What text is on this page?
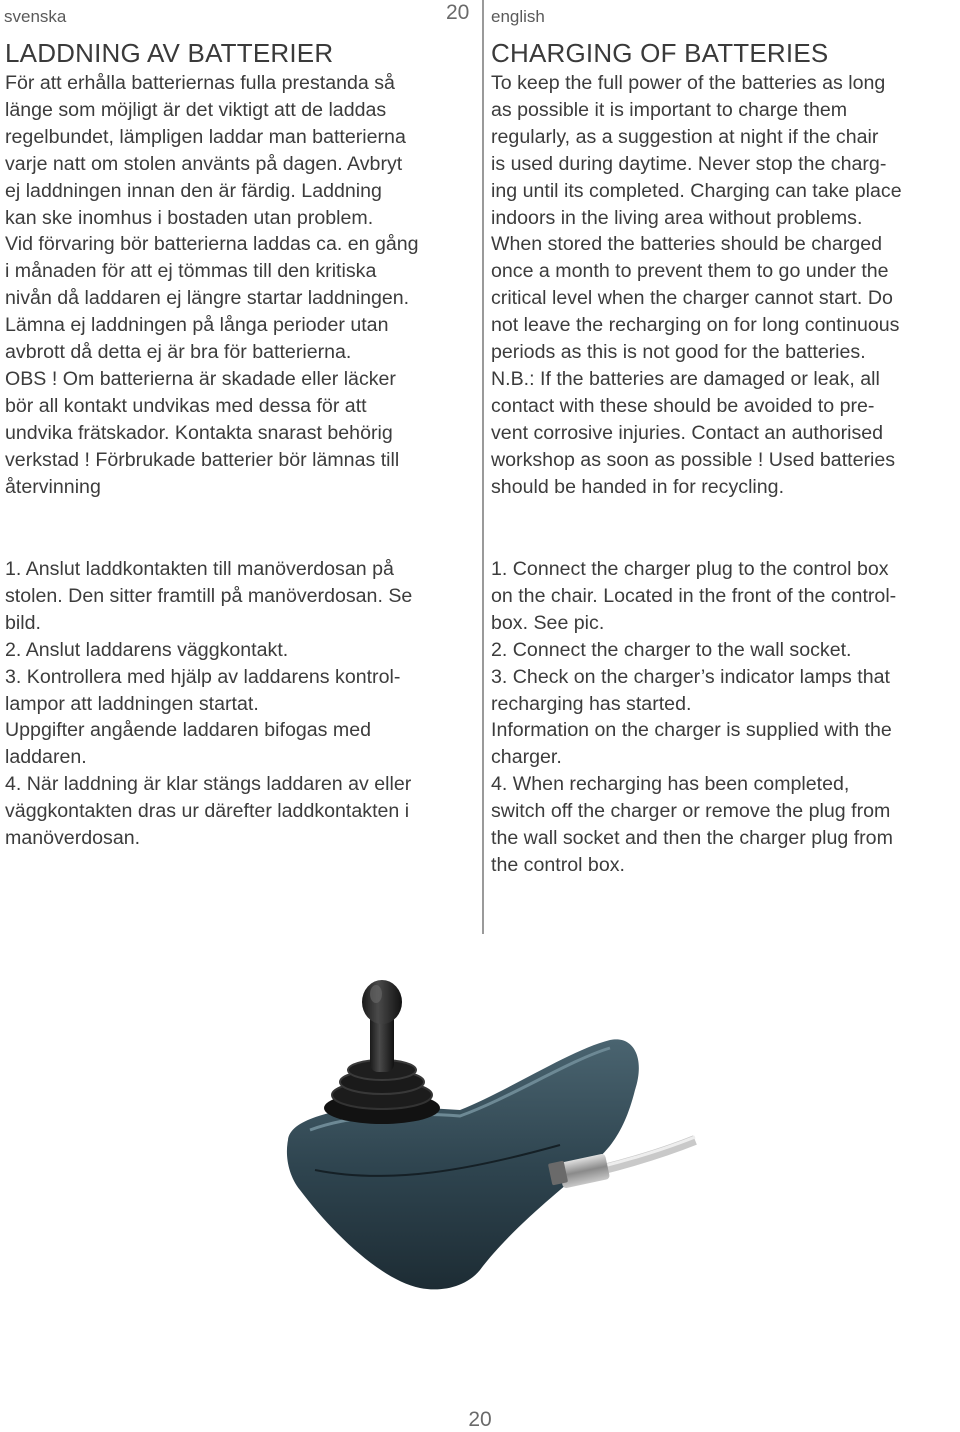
svenska	20 english
LADDNING AV BATTERIER

För att erhålla batteriernas fulla prestanda så
länge som möjligt är det viktigt att de laddas
regelbundet, lämpligen laddar man batterierna
varje natt om stolen använts på dagen. Avbryt
ej laddningen innan den är färdig. Laddning
kan ske inomhus i bostaden utan problem.
Vid förvaring bör batterierna laddas ca. en gång
i månaden för att ej tömmas till den kritiska
nivån då laddaren ej längre startar laddningen.
Lämna ej laddningen på långa perioder utan
avbrott då detta ej är bra för batterierna.
OBS ! Om batterierna är skadade eller läcker
bör all kontakt undvikas med dessa för att
undvika frätskador. Kontakta snarast behörig
verkstad ! Förbrukade batterier bör lämnas till
återvinning

1. Anslut laddkontakten till manöverdosan på
stolen. Den sitter framtill på manöverdosan. Se
bild.
2. Anslut laddarens väggkontakt.
3. Kontrollera med hjälp av laddarens kontrol-
lampor att laddningen startat.
Uppgifter angående laddaren bifogas med
laddaren.
4. När laddning är klar stängs laddaren av eller
väggkontakten dras ur därefter laddkontakten i
manöverdosan.

CHARGING OF BATTERIES

To keep the full power of the batteries as long
as possible it is important to charge them
regularly, as a suggestion at night if the chair
is used during daytime. Never stop the charg-
ing until its completed. Charging can take place
indoors in the living area without problems.
When stored the batteries should be charged
once a month to prevent them to go under the
critical level when the charger cannot start. Do
not leave the recharging on for long continuous
periods as this is not good for the batteries.
N.B.: If the batteries are damaged or leak, all
contact with these should be avoided to pre-
vent corrosive injuries. Contact an authorised
workshop as soon as possible ! Used batteries
should be handed in for recycling.

1. Connect the charger plug to the control box
on the chair. Located in the front of the control-
box. See pic.
2. Connect the charger to the wall socket.
3. Check on the charger’s indicator lamps that
recharging has started.
Information on the charger is supplied with the
charger.
4. When recharging has been completed,
switch off the charger or remove the plug from
the wall socket and then the charger plug from
the control box.

20
